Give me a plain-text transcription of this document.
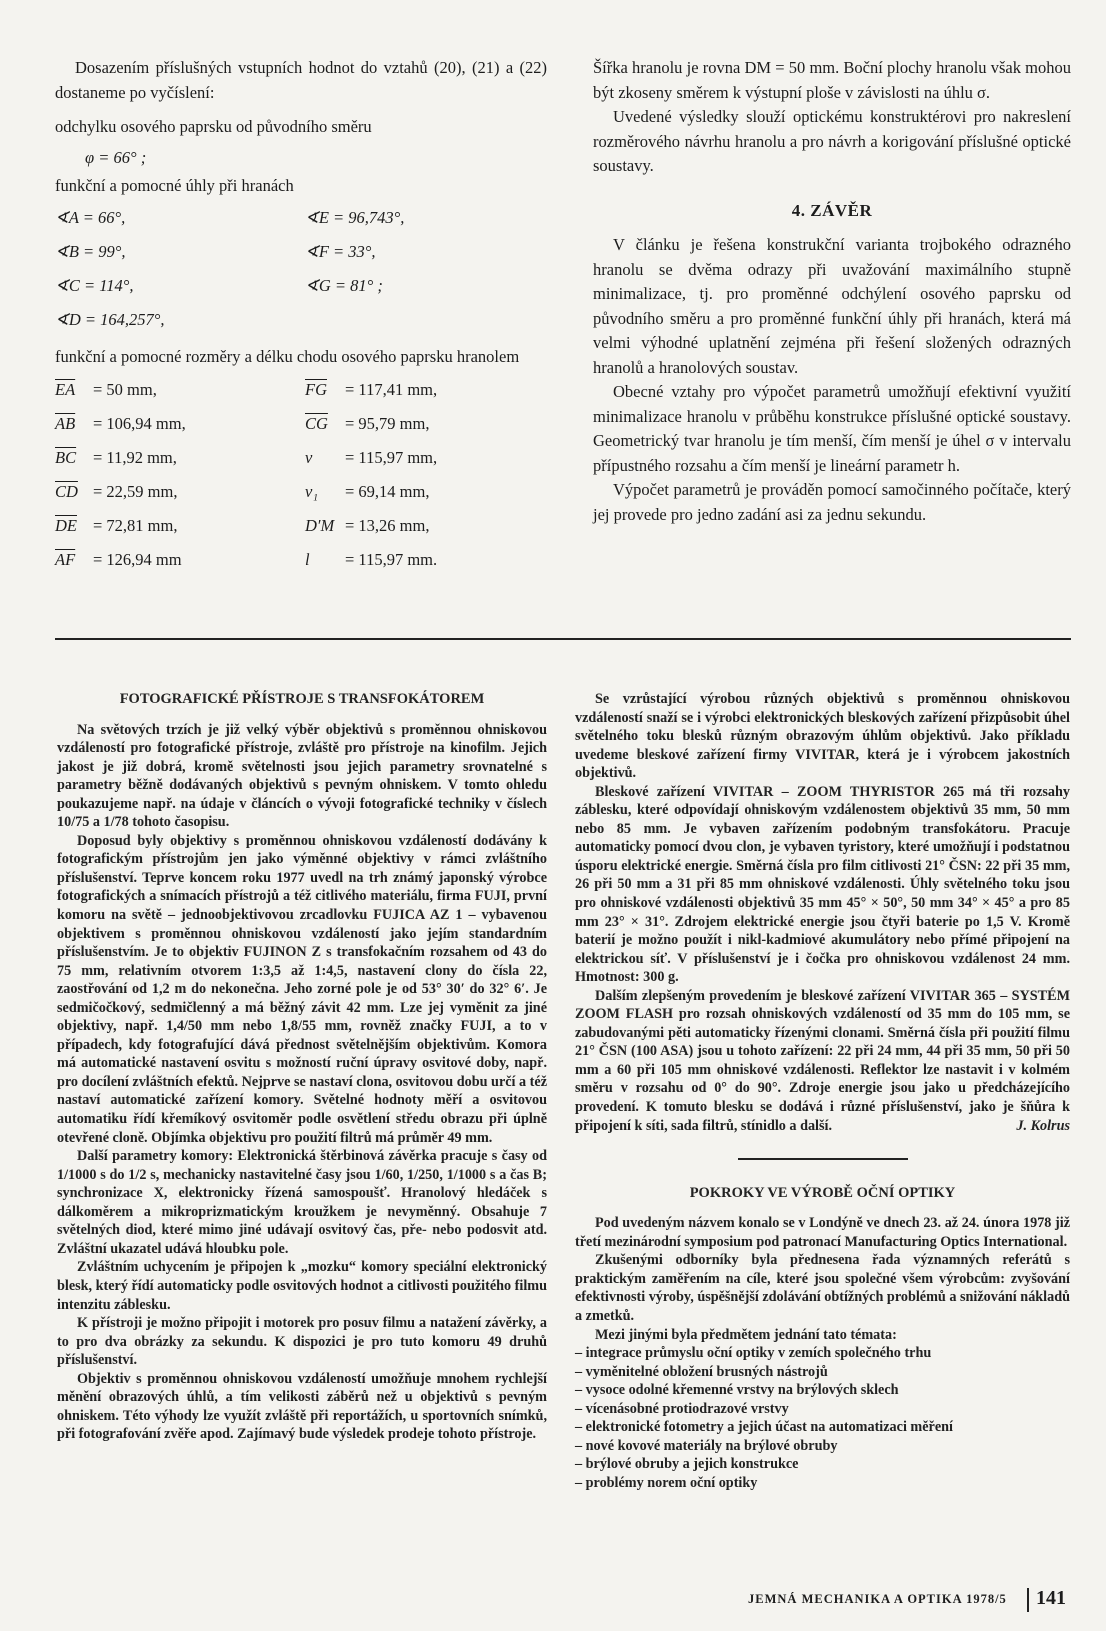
Dosazením příslušných vstupních hodnot do vztahů (20), (21) a (22) dostaneme po vyčíslení:

odchylku osového paprsku od původního směru

φ = 66° ;

funkční a pomocné úhly při hranách

∢A = 66°,	∢E = 96,743°,
∢B = 99°,	∢F = 33°,
∢C = 114°,	∢G = 81° ;
∢D = 164,257°,

funkční a pomocné rozměry a délku chodu osového paprsku hranolem

$\overline{EA} = 50$ mm,	$\overline{FG} = 117,41$ mm,
$\overline{AB} = 106,94$ mm,	$\overline{CG} = 95,79$ mm,
$\overline{BC} = 11,92$ mm,	v = 115,97 mm,
$\overline{CD} = 22,59$ mm,	v₁ = 69,14 mm,
$\overline{DE} = 72,81$ mm,	D′M = 13,26 mm,
$\overline{AF} = 126,94$ mm	l = 115,97 mm.

Šířka hranolu je rovna DM = 50 mm. Boční plochy hranolu však mohou být zkoseny směrem k výstupní ploše v závislosti na úhlu σ.

Uvedené výsledky slouží optickému konstruktérovi pro nakreslení rozměrového návrhu hranolu a pro návrh a korigování příslušné optické soustavy.

4. ZÁVĚR

V článku je řešena konstrukční varianta trojbokého odrazného hranolu se dvěma odrazy při uvažování maximálního stupně minimalizace, tj. pro proměnné odchýlení osového paprsku od původního směru a pro proměnné funkční úhly při hranách, která má velmi výhodné uplatnění zejména při řešení složených odrazných hranolů a hranolových soustav.

Obecné vztahy pro výpočet parametrů umožňují efektivní využití minimalizace hranolu v průběhu konstrukce příslušné optické soustavy. Geometrický tvar hranolu je tím menší, čím menší je úhel σ v intervalu přípustného rozsahu a čím menší je lineární parametr h.

Výpočet parametrů je prováděn pomocí samočinného počítače, který jej provede pro jedno zadání asi za jednu sekundu.

FOTOGRAFICKÉ PŘÍSTROJE S TRANSFOKÁTOREM

Na světových trzích je již velký výběr objektivů s proměnnou ohniskovou vzdáleností pro fotografické přístroje, zvláště pro přístroje na kinofilm. Jejich jakost je již dobrá, kromě světelnosti jsou jejich parametry srovnatelné s parametry běžně dodávaných objektivů s pevným ohniskem. V tomto ohledu poukazujeme např. na údaje v článcích o vývoji fotografické techniky v číslech 10/75 a 1/78 tohoto časopisu.

Doposud byly objektivy s proměnnou ohniskovou vzdáleností dodávány k fotografickým přístrojům jen jako výměnné objektivy v rámci zvláštního příslušenství. Teprve koncem roku 1977 uvedl na trh známý japonský výrobce fotografických a snímacích přístrojů a též citlivého materiálu, firma FUJI, první komoru na světě – jednoobjektivovou zrcadlovku FUJICA AZ 1 – vybavenou objektivem s proměnnou ohniskovou vzdáleností jako jejím standardním příslušenstvím. Je to objektiv FUJINON Z s transfokačním rozsahem od 43 do 75 mm, relativním otvorem 1:3,5 až 1:4,5, nastavení clony do čísla 22, zaostřování od 1,2 m do nekonečna. Jeho zorné pole je od 53° 30′ do 32° 6′. Je sedmičočkový, sedmičlenný a má běžný závit 42 mm. Lze jej vyměnit za jiné objektivy, např. 1,4/50 mm nebo 1,8/55 mm, rovněž značky FUJI, a to v případech, kdy fotografující dává přednost světelnějším objektivům. Komora má automatické nastavení osvitu s možností ruční úpravy osvitové doby, např. pro docílení zvláštních efektů. Nejprve se nastaví clona, osvitovou dobu určí a též nastaví automatické zařízení komory. Světelné hodnoty měří a osvitovou automatiku řídí křemíkový osvitoměr podle osvětlení středu obrazu při úplně otevřené cloně. Objímka objektivu pro použití filtrů má průměr 49 mm.

Další parametry komory: Elektronická štěrbinová závěrka pracuje s časy od 1/1000 s do 1/2 s, mechanicky nastavitelné časy jsou 1/60, 1/250, 1/1000 s a čas B; synchronizace X, elektronicky řízená samospoušť. Hranolový hledáček s dálkoměrem a mikroprizmatickým kroužkem je nevyměnný. Obsahuje 7 světelných diod, které mimo jiné udávají osvitový čas, pře- nebo podosvit atd. Zvláštní ukazatel udává hloubku pole.

Zvláštním uchycením je připojen k „mozku“ komory speciální elektronický blesk, který řídí automaticky podle osvitových hodnot a citlivosti použitého filmu intenzitu záblesku.

K přístroji je možno připojit i motorek pro posuv filmu a natažení závěrky, a to pro dva obrázky za sekundu. K dispozici je pro tuto komoru 49 druhů příslušenství.

Objektiv s proměnnou ohniskovou vzdáleností umožňuje mnohem rychlejší měnění obrazových úhlů, a tím velikosti záběrů než u objektivů s pevným ohniskem. Této výhody lze využít zvláště při reportážích, u sportovních snímků, při fotografování zvěře apod. Zajímavý bude výsledek prodeje tohoto přístroje.

Se vzrůstající výrobou různých objektivů s proměnnou ohniskovou vzdáleností snaží se i výrobci elektronických bleskových zařízení přizpůsobit úhel světelného toku blesků různým obrazovým úhlům objektivů. Jako příkladu uvedeme bleskové zařízení firmy VIVITAR, která je i výrobcem jakostních objektivů.

Bleskové zařízení VIVITAR – ZOOM THYRISTOR 265 má tři rozsahy záblesku, které odpovídají ohniskovým vzdálenostem objektivů 35 mm, 50 mm nebo 85 mm. Je vybaven zařízením podobným transfokátoru. Pracuje automaticky pomocí dvou clon, je vybaven tyristory, které umožňují i podstatnou úsporu elektrické energie. Směrná čísla pro film citlivosti 21° ČSN: 22 při 35 mm, 26 při 50 mm a 31 při 85 mm ohniskové vzdálenosti. Úhly světelného toku jsou pro ohniskové vzdálenosti objektivů 35 mm 45° × 50°, 50 mm 34° × 45° a pro 85 mm 23° × 31°. Zdrojem elektrické energie jsou čtyři baterie po 1,5 V. Kromě baterií je možno použít i nikl-kadmiové akumulátory nebo přímé připojení na elektrickou síť. V příslušenství je i čočka pro ohniskovou vzdálenost 24 mm. Hmotnost: 300 g.

Dalším zlepšeným provedením je bleskové zařízení VIVITAR 365 – SYSTÉM ZOOM FLASH pro rozsah ohniskových vzdáleností od 35 mm do 105 mm, se zabudovanými pěti automaticky řízenými clonami. Směrná čísla při použití filmu 21° ČSN (100 ASA) jsou u tohoto zařízení: 22 při 24 mm, 44 při 35 mm, 50 při 50 mm a 60 při 105 mm ohniskové vzdálenosti. Reflektor lze nastavit i v kolmém směru v rozsahu od 0° do 90°. Zdroje energie jsou jako u předcházejícího provedení. K tomuto blesku se dodává i různé příslušenství, jako je šňůra k připojení k síti, sada filtrů, stínidlo a další.	J. Kolrus

POKROKY VE VÝROBĚ OČNÍ OPTIKY

Pod uvedeným názvem konalo se v Londýně ve dnech 23. až 24. února 1978 již třetí mezinárodní symposium pod patronací Manufacturing Optics International.

Zkušenými odborníky byla přednesena řada významných referátů s praktickým zaměřením na cíle, které jsou společné všem výrobcům: zvyšování efektivnosti výroby, úspěšnější zdolávání obtížných problémů a snižování nákladů a zmetků.

Mezi jinými byla předmětem jednání tato témata:

– integrace průmyslu oční optiky v zemích společného trhu

– vyměnitelné obložení brusných nástrojů

– vysoce odolné křemenné vrstvy na brýlových sklech

– vícenásobné protiodrazové vrstvy

– elektronické fotometry a jejich účast na automatizaci měření

– nové kovové materiály na brýlové obruby

– brýlové obruby a jejich konstrukce

– problémy norem oční optiky

JEMNÁ MECHANIKA A OPTIKA 1978/5 141
